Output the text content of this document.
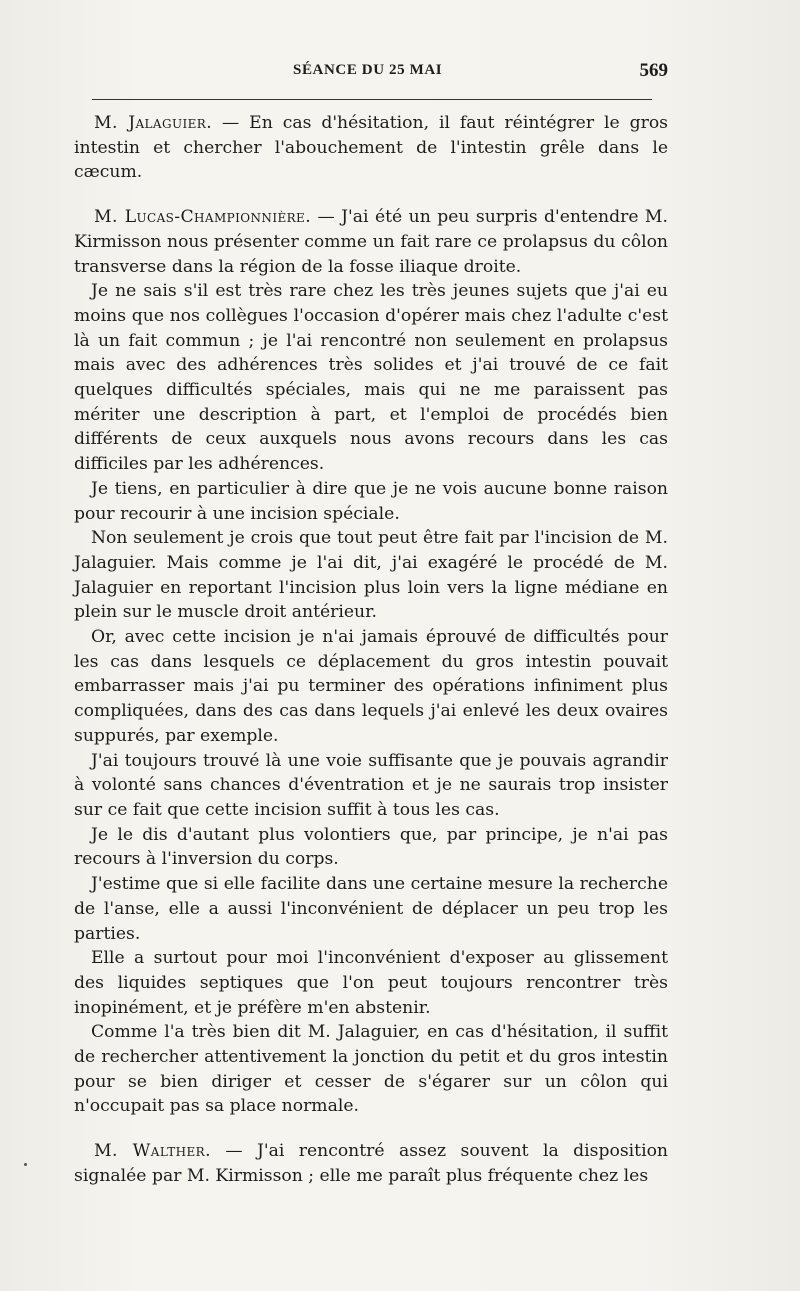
SÉANCE DU 25 MAI	569

M. Jalaguier. — En cas d'hésitation, il faut réintégrer le gros intestin et chercher l'abouchement de l'intestin grêle dans le cæcum.

M. Lucas-Championnière. — J'ai été un peu surpris d'entendre M. Kirmisson nous présenter comme un fait rare ce prolapsus du côlon transverse dans la région de la fosse iliaque droite.

Je ne sais s'il est très rare chez les très jeunes sujets que j'ai eu moins que nos collègues l'occasion d'opérer mais chez l'adulte c'est là un fait commun ; je l'ai rencontré non seulement en prolapsus mais avec des adhérences très solides et j'ai trouvé de ce fait quelques difficultés spéciales, mais qui ne me paraissent pas mériter une description à part, et l'emploi de procédés bien différents de ceux auxquels nous avons recours dans les cas difficiles par les adhérences.

Je tiens, en particulier à dire que je ne vois aucune bonne raison pour recourir à une incision spéciale.

Non seulement je crois que tout peut être fait par l'incision de M. Jalaguier. Mais comme je l'ai dit, j'ai exagéré le procédé de M. Jalaguier en reportant l'incision plus loin vers la ligne médiane en plein sur le muscle droit antérieur.

Or, avec cette incision je n'ai jamais éprouvé de difficultés pour les cas dans lesquels ce déplacement du gros intestin pouvait embarrasser mais j'ai pu terminer des opérations infiniment plus compliquées, dans des cas dans lequels j'ai enlevé les deux ovaires suppurés, par exemple.

J'ai toujours trouvé là une voie suffisante que je pouvais agrandir à volonté sans chances d'éventration et je ne saurais trop insister sur ce fait que cette incision suffit à tous les cas.

Je le dis d'autant plus volontiers que, par principe, je n'ai pas recours à l'inversion du corps.

J'estime que si elle facilite dans une certaine mesure la recherche de l'anse, elle a aussi l'inconvénient de déplacer un peu trop les parties.

Elle a surtout pour moi l'inconvénient d'exposer au glissement des liquides septiques que l'on peut toujours rencontrer très inopinément, et je préfère m'en abstenir.

Comme l'a très bien dit M. Jalaguier, en cas d'hésitation, il suffit de rechercher attentivement la jonction du petit et du gros intestin pour se bien diriger et cesser de s'égarer sur un côlon qui n'occupait pas sa place normale.

M. Walther. — J'ai rencontré assez souvent la disposition signalée par M. Kirmisson ; elle me paraît plus fréquente chez les
